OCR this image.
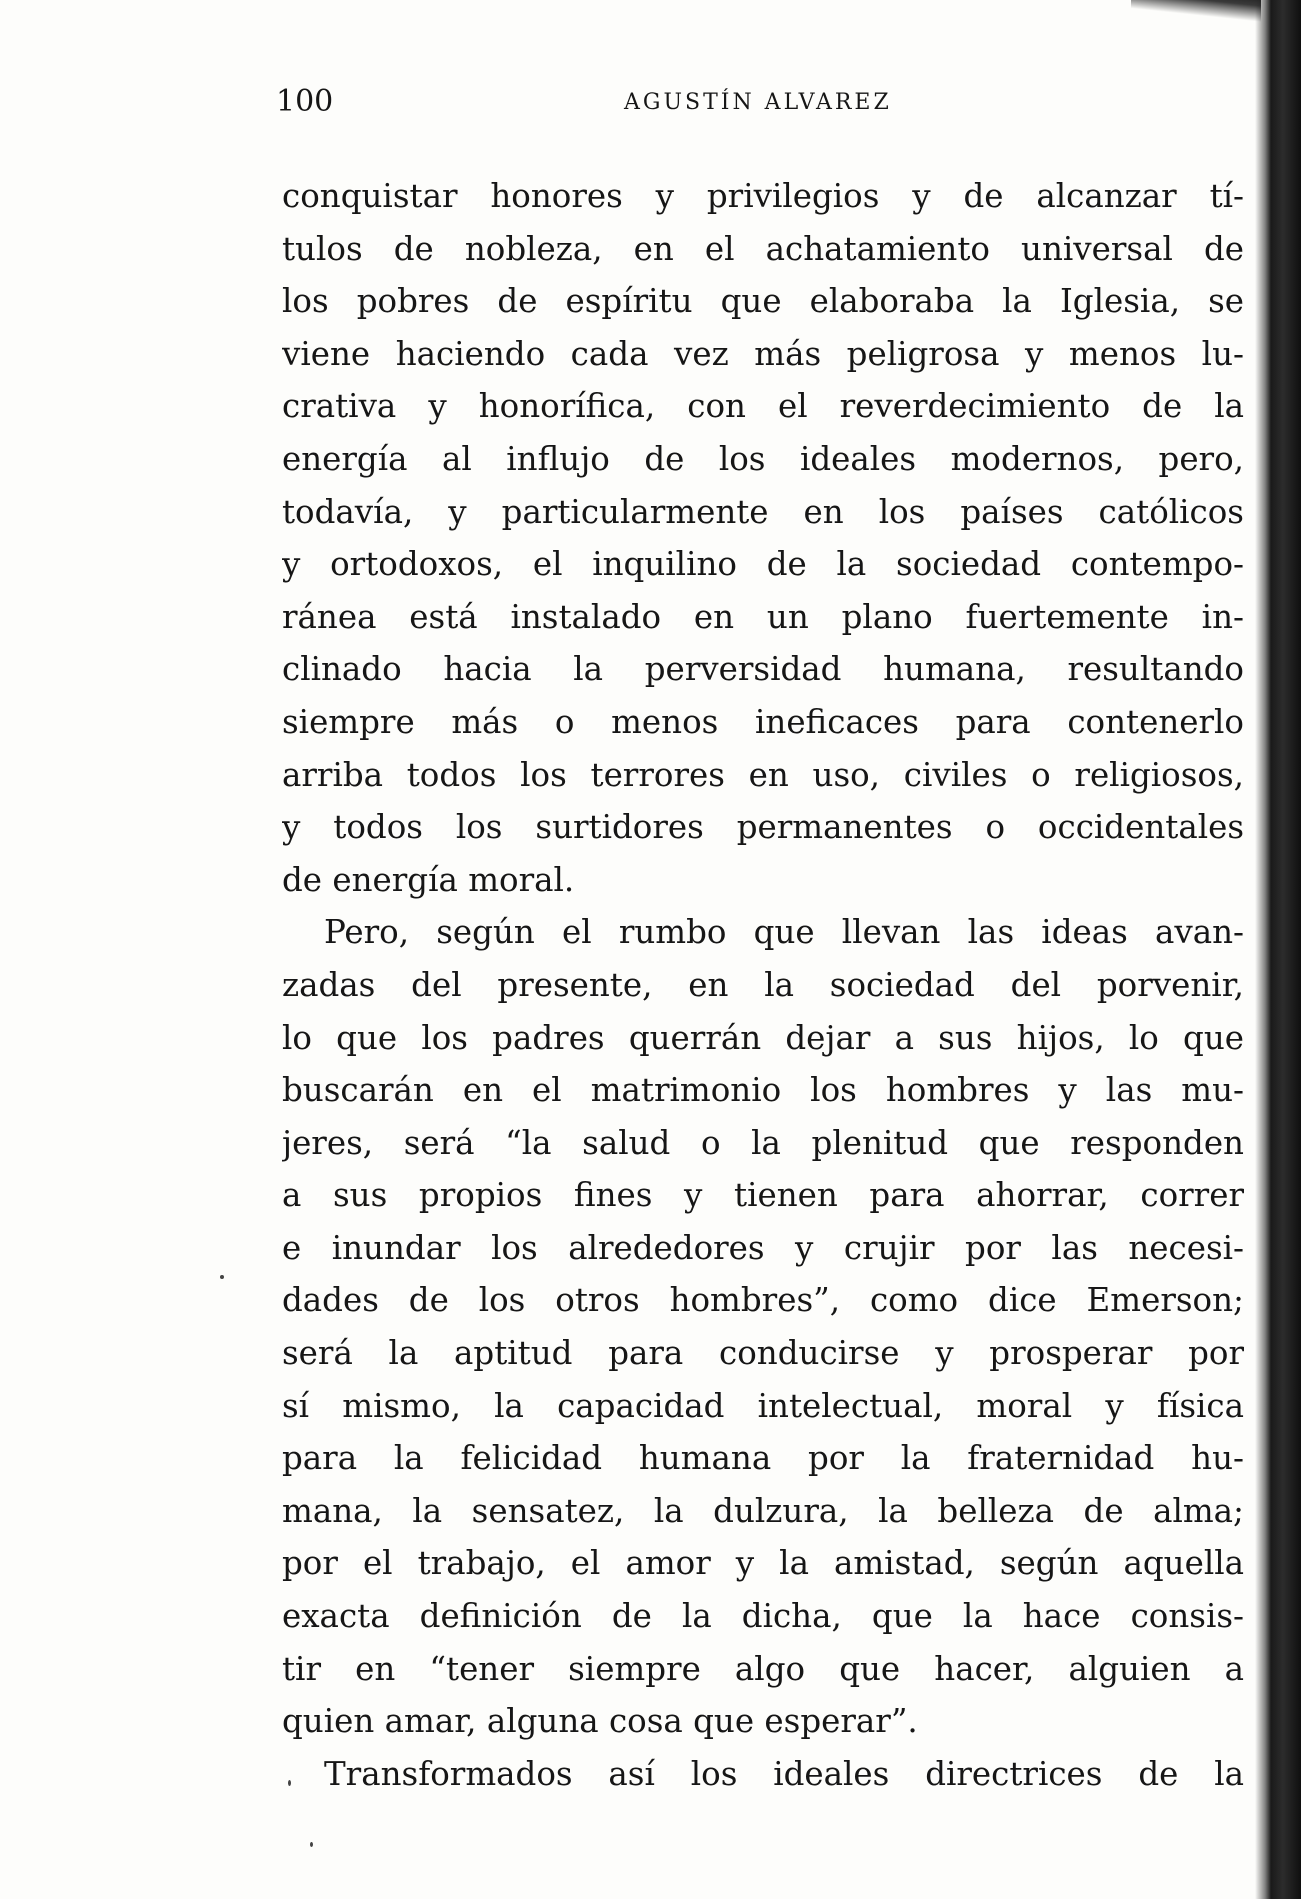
100	AGUSTÍN ALVAREZ
conquistar honores y privilegios y de alcanzar tí-
tulos de nobleza, en el achatamiento universal de
los pobres de espíritu que elaboraba la Iglesia, se
viene haciendo cada vez más peligrosa y menos lu-
crativa y honorífica, con el reverdecimiento de la
energía al influjo de los ideales modernos, pero,
todavía, y particularmente en los países católicos
y ortodoxos, el inquilino de la sociedad contempo-
ránea está instalado en un plano fuertemente in-
clinado hacia la perversidad humana, resultando
siempre más o menos ineficaces para contenerlo
arriba todos los terrores en uso, civiles o religiosos,
y todos los surtidores permanentes o occidentales
de energía moral.
Pero, según el rumbo que llevan las ideas avan-
zadas del presente, en la sociedad del porvenir,
lo que los padres querrán dejar a sus hijos, lo que
buscarán en el matrimonio los hombres y las mu-
jeres, será “la salud o la plenitud que responden
a sus propios fines y tienen para ahorrar, correr
e inundar los alrededores y crujir por las necesi-
dades de los otros hombres”, como dice Emerson;
será la aptitud para conducirse y prosperar por
sí mismo, la capacidad intelectual, moral y física
para la felicidad humana por la fraternidad hu-
mana, la sensatez, la dulzura, la belleza de alma;
por el trabajo, el amor y la amistad, según aquella
exacta definición de la dicha, que la hace consis-
tir en “tener siempre algo que hacer, alguien a
quien amar, alguna cosa que esperar”.
Transformados así los ideales directrices de la
